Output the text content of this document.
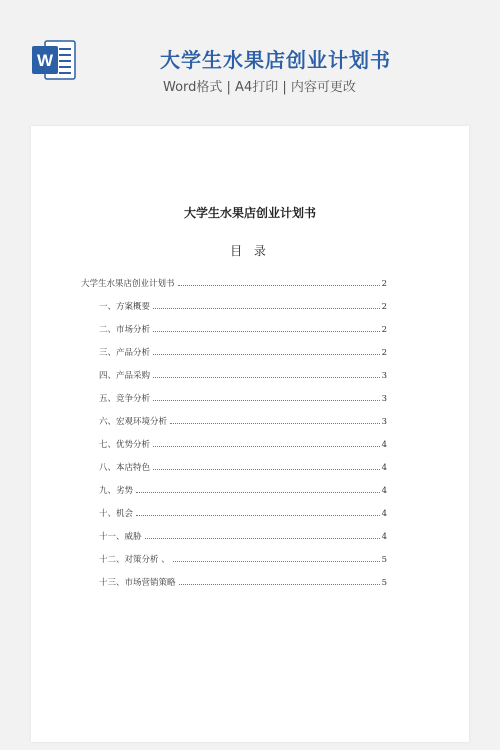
W	大学生水果店创业计划书
Word格式 | A4打印 | 内容可更改
大学生水果店创业计划书
目 录
大学生水果店创业计划书	2
一、方案概要	2
二、市场分析	2
三、产品分析	2
四、产品采购	3
五、竞争分析	3
六、宏观环境分析	3
七、优势分析	4
八、本店特色	4
九、劣势	4
十、机会	4
十一、威胁	4
十二、对策分析 、	5
十三、市场营销策略	5
